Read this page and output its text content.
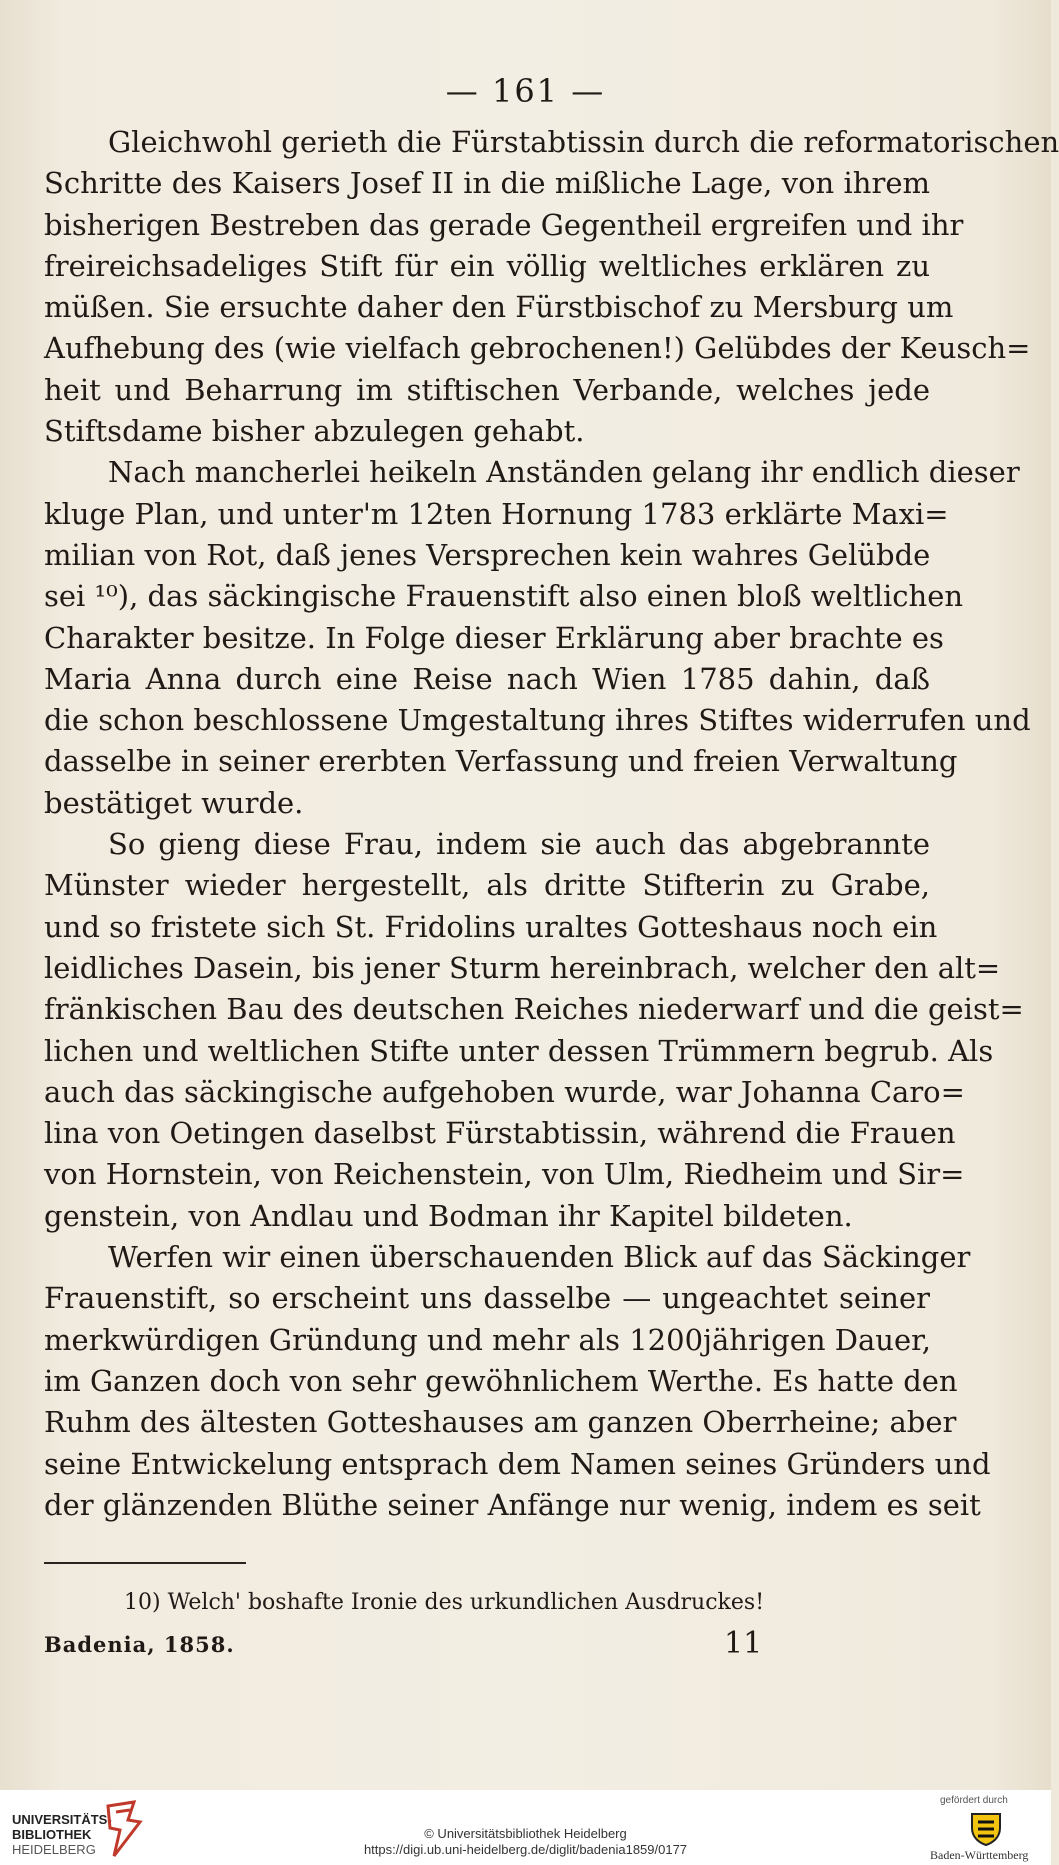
— 161 —

Gleichwohl gerieth die Fürstabtissin durch die reformatorischen
Schritte des Kaisers Josef II in die mißliche Lage, von ihrem
bisherigen Bestreben das gerade Gegentheil ergreifen und ihr
freireichsadeliges Stift für ein völlig weltliches erklären zu
müßen. Sie ersuchte daher den Fürstbischof zu Mersburg um
Aufhebung des (wie vielfach gebrochenen!) Gelübdes der Keusch=
heit und Beharrung im stiftischen Verbande, welches jede
Stiftsdame bisher abzulegen gehabt.

Nach mancherlei heikeln Anständen gelang ihr endlich dieser
kluge Plan, und unter'm 12ten Hornung 1783 erklärte Maxi=
milian von Rot, daß jenes Versprechen kein wahres Gelübde
sei ¹⁰), das säckingische Frauenstift also einen bloß weltlichen
Charakter besitze. In Folge dieser Erklärung aber brachte es
Maria Anna durch eine Reise nach Wien 1785 dahin, daß
die schon beschlossene Umgestaltung ihres Stiftes widerrufen und
dasselbe in seiner ererbten Verfassung und freien Verwaltung
bestätiget wurde.

So gieng diese Frau, indem sie auch das abgebrannte
Münster wieder hergestellt, als dritte Stifterin zu Grabe,
und so fristete sich St. Fridolins uraltes Gotteshaus noch ein
leidliches Dasein, bis jener Sturm hereinbrach, welcher den alt=
fränkischen Bau des deutschen Reiches niederwarf und die geist=
lichen und weltlichen Stifte unter dessen Trümmern begrub. Als
auch das säckingische aufgehoben wurde, war Johanna Caro=
lina von Oetingen daselbst Fürstabtissin, während die Frauen
von Hornstein, von Reichenstein, von Ulm, Riedheim und Sir=
genstein, von Andlau und Bodman ihr Kapitel bildeten.

Werfen wir einen überschauenden Blick auf das Säckinger
Frauenstift, so erscheint uns dasselbe — ungeachtet seiner
merkwürdigen Gründung und mehr als 1200jährigen Dauer,
im Ganzen doch von sehr gewöhnlichem Werthe. Es hatte den
Ruhm des ältesten Gotteshauses am ganzen Oberrheine; aber
seine Entwickelung entsprach dem Namen seines Gründers und
der glänzenden Blüthe seiner Anfänge nur wenig, indem es seit

10) Welch' boshafte Ironie des urkundlichen Ausdruckes!
Badenia, 1858.	11
UNIVERSITÄTS-
BIBLIOTHEK
HEIDELBERG
© Universitätsbibliothek Heidelberg
https://digi.ub.uni-heidelberg.de/diglit/badenia1859/0177
gefördert durch
Baden-Württemberg
